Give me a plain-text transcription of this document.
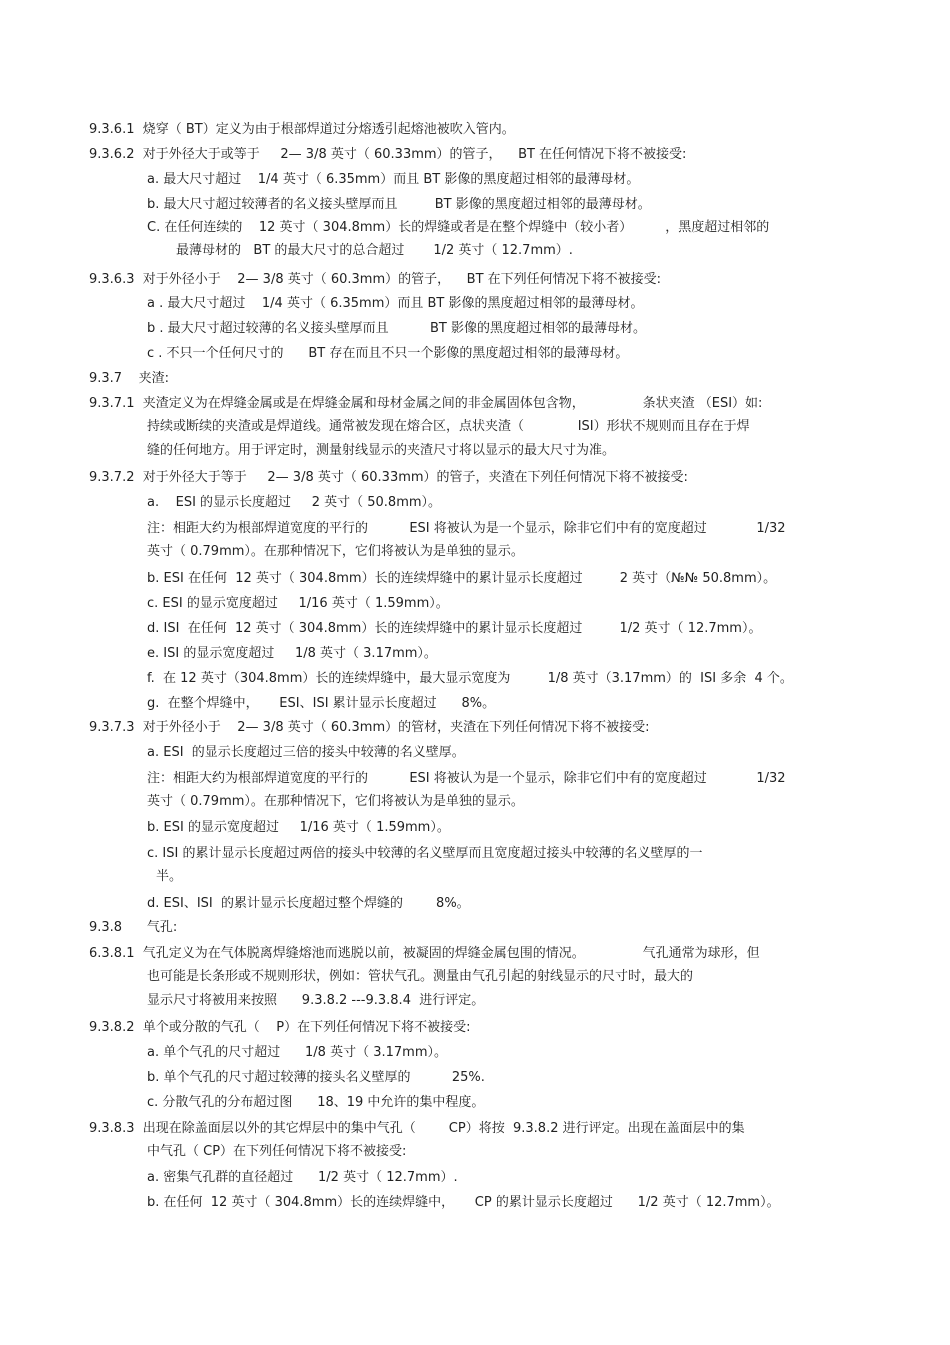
9.3.6.1  烧穿（ BT）定义为由于根部焊道过分熔透引起熔池被吹入管内。
9.3.6.2  对于外径大于或等于     2— 3/8 英寸（ 60.33mm）的管子，    BT 在任何情况下将不被接受:
a. 最大尺寸超过    1/4 英寸（ 6.35mm）而且 BT 影像的黑度超过相邻的最薄母材。
b. 最大尺寸超过较薄者的名义接头壁厚而且         BT 影像的黑度超过相邻的最薄母材。
C. 在任何连续的    12 英寸（ 304.8mm）长的焊缝或者是在整个焊缝中（较小者）        ，黑度超过相邻的
最薄母材的   BT 的最大尺寸的总合超过       1/2 英寸（ 12.7mm）.
9.3.6.3  对于外径小于    2— 3/8 英寸（ 60.3mm）的管子，    BT 在下列任何情况下将不被接受:
a . 最大尺寸超过    1/4 英寸（ 6.35mm）而且 BT 影像的黑度超过相邻的最薄母材。
b . 最大尺寸超过较薄的名义接头壁厚而且          BT 影像的黑度超过相邻的最薄母材。
c . 不只一个任何尺寸的      BT 存在而且不只一个影像的黑度超过相邻的最薄母材。
9.3.7    夹渣:
9.3.7.1  夹渣定义为在焊缝金属或是在焊缝金属和母材金属之间的非金属固体包含物，              条状夹渣 （ESI）如:
持续或断续的夹渣或是焊道线。通常被发现在熔合区，点状夹渣（             ISI）形状不规则而且存在于焊
缝的任何地方。用于评定时，测量射线显示的夹渣尺寸将以显示的最大尺寸为准。
9.3.7.2  对于外径大于等于     2— 3/8 英寸（ 60.33mm）的管子，夹渣在下列任何情况下将不被接受:
a.    ESI 的显示长度超过     2 英寸（ 50.8mm）。
注：相距大约为根部焊道宽度的平行的          ESI 将被认为是一个显示，除非它们中有的宽度超过            1/32
英寸（ 0.79mm）。在那种情况下，它们将被认为是单独的显示。
b. ESI 在任何  12 英寸（ 304.8mm）长的连续焊缝中的累计显示长度超过         2 英寸（№№ 50.8mm）。
c. ESI 的显示宽度超过     1/16 英寸（ 1.59mm）。
d. ISI  在任何  12 英寸（ 304.8mm）长的连续焊缝中的累计显示长度超过         1/2 英寸（ 12.7mm）。
e. ISI 的显示宽度超过     1/8 英寸（ 3.17mm）。
f.  在 12 英寸（304.8mm）长的连续焊缝中，最大显示宽度为         1/8 英寸（3.17mm）的  ISI 多余  4 个。
g.  在整个焊缝中，     ESI、ISI 累计显示长度超过      8%。
9.3.7.3  对于外径小于    2— 3/8 英寸（ 60.3mm）的管材，夹渣在下列任何情况下将不被接受:
a. ESI  的显示长度超过三倍的接头中较薄的名义壁厚。
注：相距大约为根部焊道宽度的平行的          ESI 将被认为是一个显示，除非它们中有的宽度超过            1/32
英寸（ 0.79mm）。在那种情况下，它们将被认为是单独的显示。
b. ESI 的显示宽度超过     1/16 英寸（ 1.59mm）。
c. ISI 的累计显示长度超过两倍的接头中较薄的名义壁厚而且宽度超过接头中较薄的名义壁厚的一
半。
d. ESI、ISI  的累计显示长度超过整个焊缝的        8%。
9.3.8      气孔:
6.3.8.1  气孔定义为在气体脱离焊缝熔池而逃脱以前，被凝固的焊缝金属包围的情况。              气孔通常为球形，但
也可能是长条形或不规则形状，例如：管状气孔。测量由气孔引起的射线显示的尺寸时，最大的
显示尺寸将被用来按照      9.3.8.2 ---9.3.8.4  进行评定。
9.3.8.2  单个或分散的气孔（    P）在下列任何情况下将不被接受:
a. 单个气孔的尺寸超过      1/8 英寸（ 3.17mm）。
b. 单个气孔的尺寸超过较薄的接头名义壁厚的          25%.
c. 分散气孔的分布超过图      18、19 中允许的集中程度。
9.3.8.3  出现在除盖面层以外的其它焊层中的集中气孔（        CP）将按  9.3.8.2 进行评定。出现在盖面层中的集
中气孔（ CP）在下列任何情况下将不被接受:
a. 密集气孔群的直径超过      1/2 英寸（ 12.7mm）.
b. 在任何  12 英寸（ 304.8mm）长的连续焊缝中，     CP 的累计显示长度超过      1/2 英寸（ 12.7mm）。
